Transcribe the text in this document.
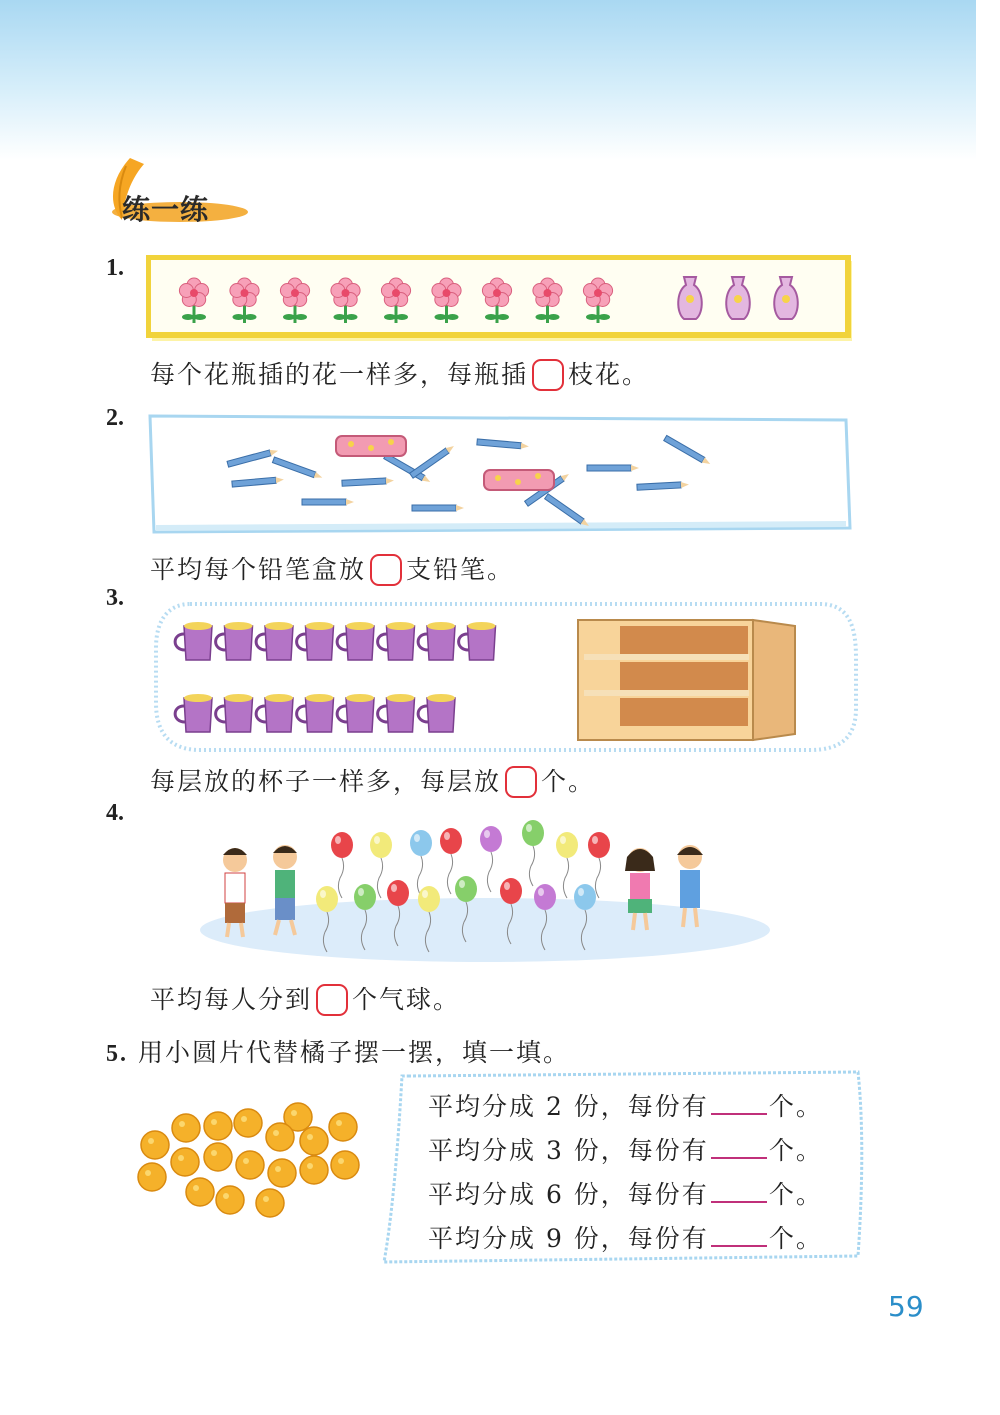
练一练
1.
每个花瓶插的花一样多，每瓶插 枝花。
2.
平均每个铅笔盒放 支铅笔。
3.
每层放的杯子一样多，每层放 个。
4.
平均每人分到 个气球。
5. 用小圆片代替橘子摆一摆，填一填。
平均分成 2 份，每份有 个。
平均分成 3 份，每份有 个。
平均分成 6 份，每份有 个。
平均分成 9 份，每份有 个。
59
